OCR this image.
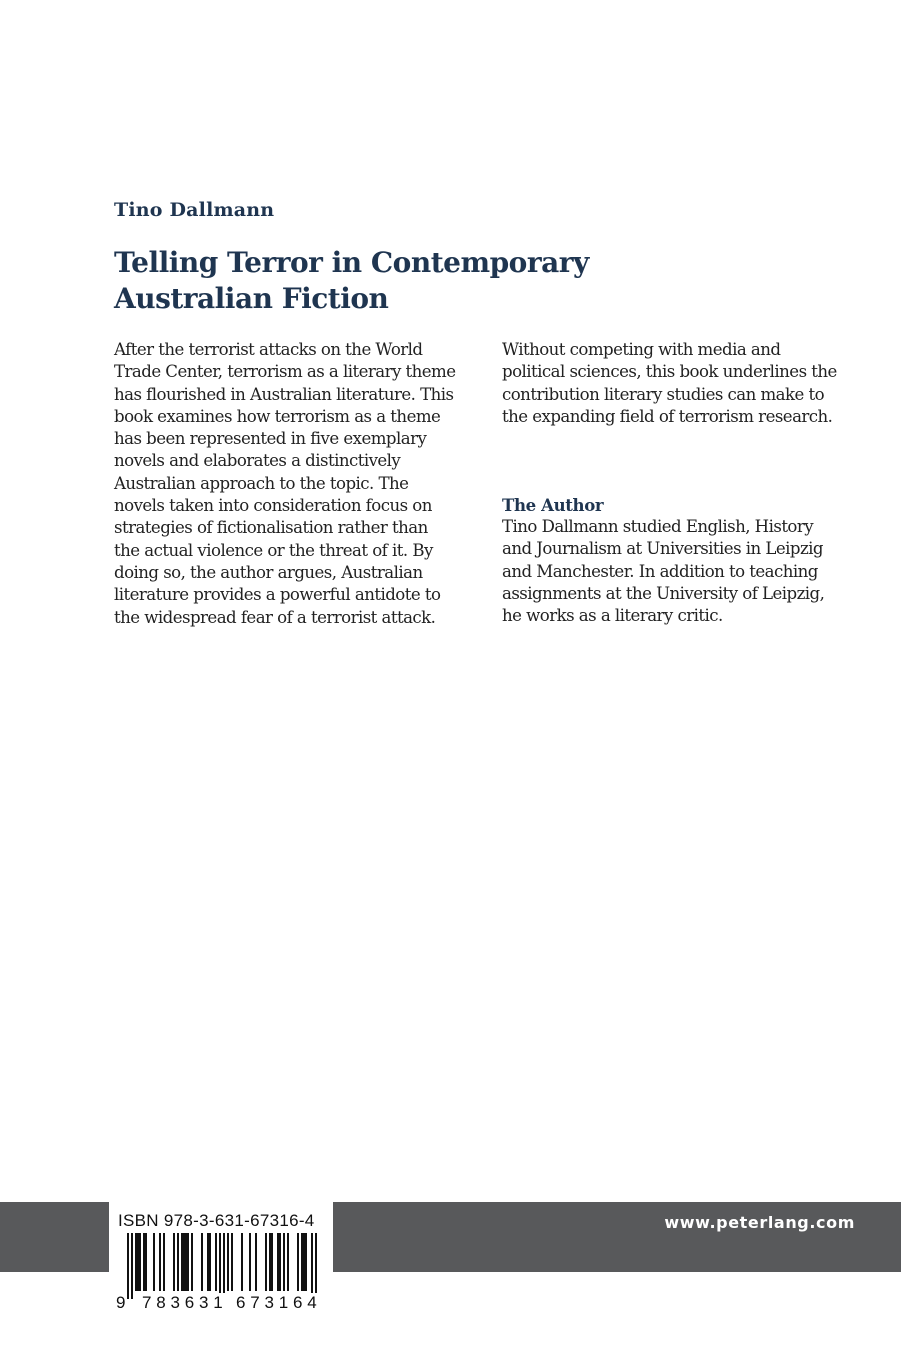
Tino Dallmann
Telling Terror in Contemporary
Australian Fiction
After the terrorist attacks on the World
Trade Center, terrorism as a literary theme
has flourished in Australian literature. This
book examines how terrorism as a theme
has been represented in five exemplary
novels and elaborates a distinctively
Australian approach to the topic. The
novels taken into consideration focus on
strategies of fictionalisation rather than
the actual violence or the threat of it. By
doing so, the author argues, Australian
literature provides a powerful antidote to
the widespread fear of a terrorist attack.
Without competing with media and
political sciences, this book underlines the
contribution literary studies can make to
the expanding field of terrorism research.
The Author
Tino Dallmann studied English, History
and Journalism at Universities in Leipzig
and Manchester. In addition to teaching
assignments at the University of Leipzig,
he works as a literary critic.
www.peterlang.com
ISBN 978-3-631-67316-4
9 783631 673164
